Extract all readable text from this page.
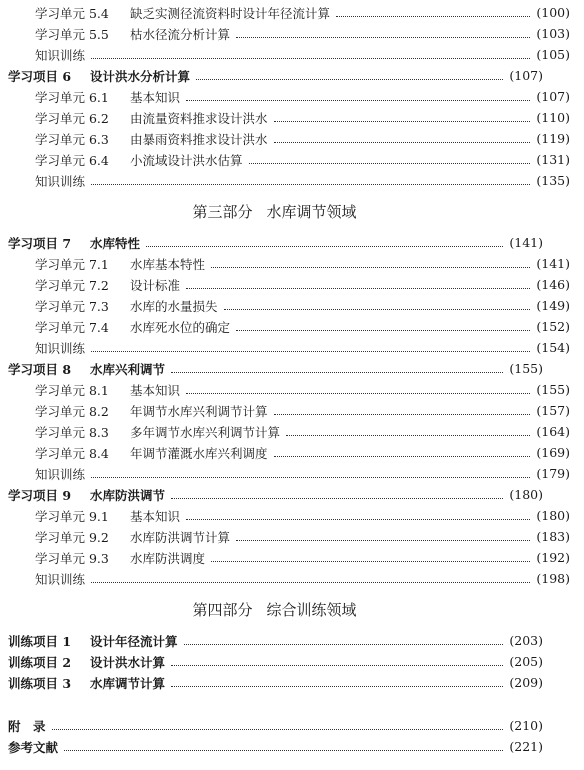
学习单元 5.4 缺乏实测径流资料时设计年径流计算	(100)
学习单元 5.5 枯水径流分析计算	(103)
知识训练	(105)
学习项目 6 设计洪水分析计算	(107)
学习单元 6.1 基本知识	(107)
学习单元 6.2 由流量资料推求设计洪水	(110)
学习单元 6.3 由暴雨资料推求设计洪水	(119)
学习单元 6.4 小流域设计洪水估算	(131)
知识训练	(135)
第三部分 水库调节领域
学习项目 7 水库特性	(141)
学习单元 7.1 水库基本特性	(141)
学习单元 7.2 设计标准	(146)
学习单元 7.3 水库的水量损失	(149)
学习单元 7.4 水库死水位的确定	(152)
知识训练	(154)
学习项目 8 水库兴利调节	(155)
学习单元 8.1 基本知识	(155)
学习单元 8.2 年调节水库兴利调节计算	(157)
学习单元 8.3 多年调节水库兴利调节计算	(164)
学习单元 8.4 年调节灌溉水库兴利调度	(169)
知识训练	(179)
学习项目 9 水库防洪调节	(180)
学习单元 9.1 基本知识	(180)
学习单元 9.2 水库防洪调节计算	(183)
学习单元 9.3 水库防洪调度	(192)
知识训练	(198)
第四部分 综合训练领域
训练项目 1 设计年径流计算	(203)
训练项目 2 设计洪水计算	(205)
训练项目 3 水库调节计算	(209)
附　录	(210)
参考文献	(221)
